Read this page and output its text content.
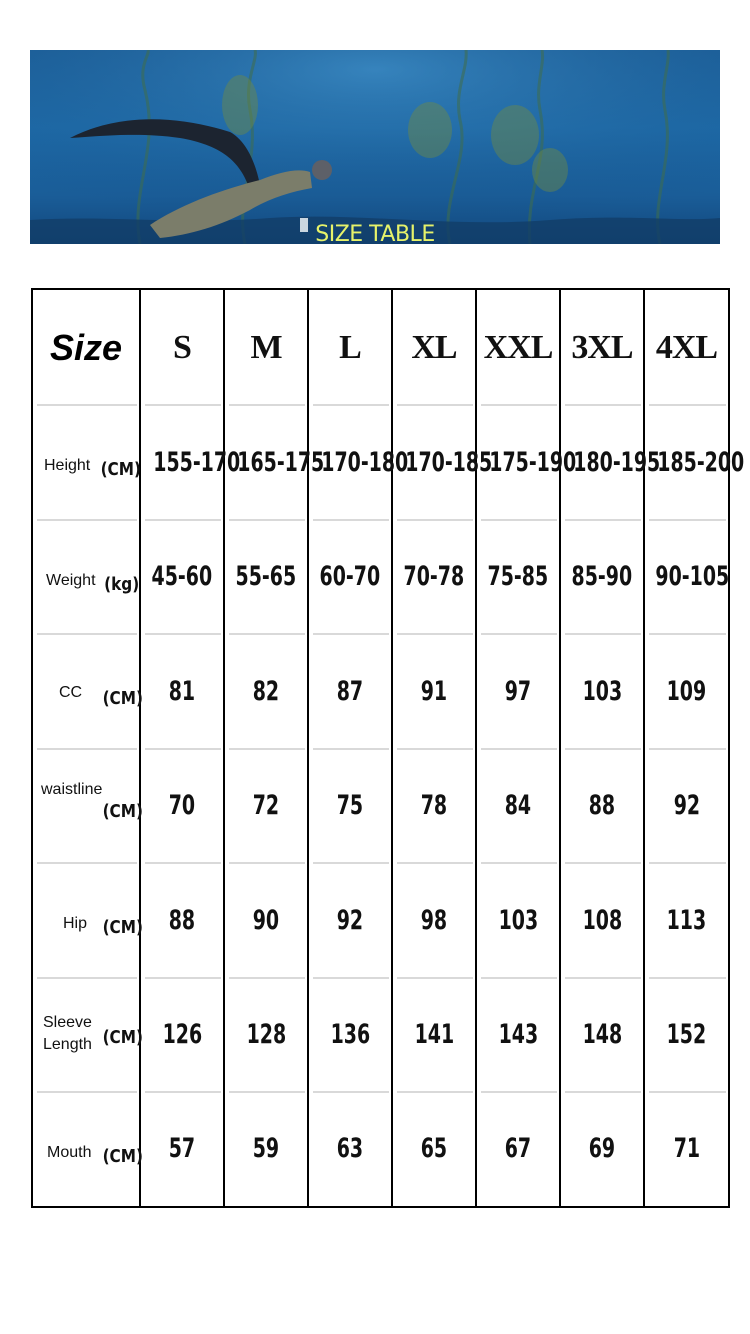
SIZE TABLE
Size	S	M	L	XL	XXL	3XL	4XL

Height (CM)	155-170	165-175	170-180	170-185	175-190	180-195	185-200

Weight (kg)	45-60	55-65	60-70	70-78	75-85	85-90	90-105

CC (CM)	81	82	87	91	97	103	109

waistline
(CM)	70	72	75	78	84	88	92

Hip (CM)	88	90	92	98	103	108	113

Length
Sleeve
(CM)	126	128	136	141	143	148	152

Mouth (CM)	57	59	63	65	67	69	71
